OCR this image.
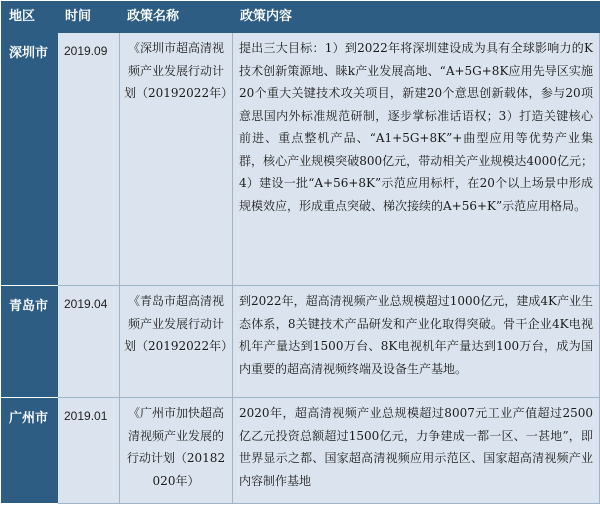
地区	时间	政策名称	政策内容
深圳市	2019.09	《深圳市超高清视频产业发展行动计划（20192022年）	提出三大目标：1）到2022年将深圳建设成为具有全球影响力的K技术创新策源地、睐k产业发展高地、“A+5G+8K应用先导区实施20个重大关键技术攻关项目，新建20个意思创新载体，参与20项意思国内外标准规范研制，逐步掌标准话语权；3）打造关键核心前进、重点整机产品、“A1+5G+8K”+曲型应用等优势产业集群，核心产业规模突破800亿元，带动相关产业规模达4000亿元；4）建设一批“A+56+8K”示范应用标杆，在20个以上场景中形成规模效应，形成重点突破、梯次接续的A+56+K”示范应用格局。
青岛市	2019.04	《青岛市超高清视频产业发展行动计划（20192022年）	到2022年，超高清视频产业总规模超过1000亿元，建成4K产业生态体系，8关键技术产品研发和产业化取得突破。骨干企业4K电视机年产量达到1500万台、8K电视机年产量达到100万台，成为国内重要的超高清视频终端及设备生产基地。
广州市	2019.01	《广州市加快超高清视频产业发展的行动计划（20182020年）	2020年，超高清视频产业总规模超过8007元工业产值超过2500亿乙元投资总额超过1500亿元，力争建成一都一区、一甚地”，即世界显示之都、国家超高清视频应用示范区、国家超高清视频产业内容制作基地
